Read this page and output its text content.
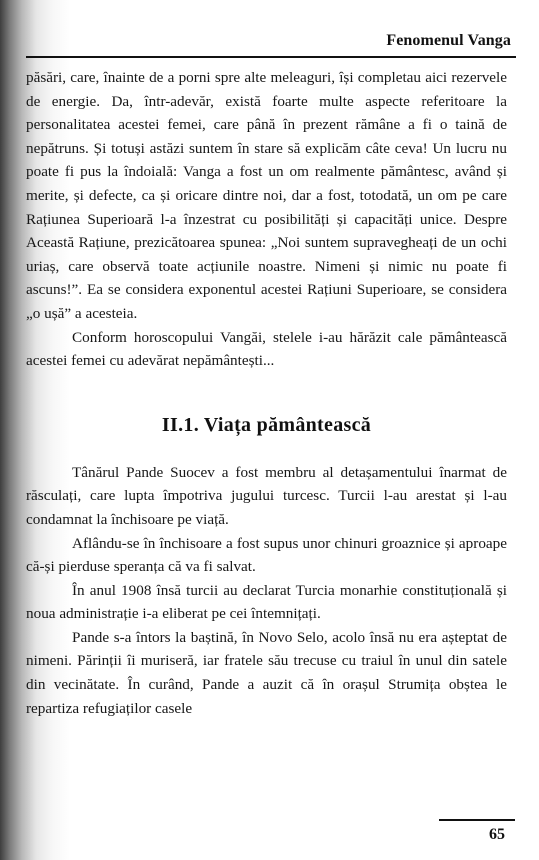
Fenomenul Vanga

păsări, care, înainte de a porni spre alte meleaguri, își completau aici rezervele de energie. Da, într-adevăr, există foarte multe aspecte referitoare la personalitatea acestei femei, care până în prezent rămâne a fi o taină de nepătruns. Și totuși astăzi suntem în stare să explicăm câte ceva! Un lucru nu poate fi pus la îndoială: Vanga a fost un om realmente pământesc, având și merite, și defecte, ca și oricare dintre noi, dar a fost, totodată, un om pe care Rațiunea Superioară l-a înzestrat cu posibilități și capacități unice. Despre Această Rațiune, prezicătoarea spunea: „Noi suntem supravegheați de un ochi uriaș, care observă toate acțiunile noastre. Nimeni și nimic nu poate fi ascuns!”. Ea se considera exponentul acestei Rațiuni Superioare, se considera „o ușă” a acesteia.

Conform horoscopului Vangăi, stelele i-au hărăzit cale pământească acestei femei cu adevărat nepământești...

II.1. Viața pământească

Tânărul Pande Suocev a fost membru al detașamentului înarmat de răsculați, care lupta împotriva jugului turcesc. Turcii l-au arestat și l-au condamnat la închisoare pe viață.

Aflându-se în închisoare a fost supus unor chinuri groaznice și aproape că-și pierduse speranța că va fi salvat.

În anul 1908 însă turcii au declarat Turcia monarhie constituțională și noua administrație i-a eliberat pe cei întemnițați.

Pande s-a întors la baștină, în Novo Selo, acolo însă nu era așteptat de nimeni. Părinții îi muriseră, iar fratele său trecuse cu traiul în unul din satele din vecinătate. În curând, Pande a auzit că în orașul Strumița obștea le repartiza refugiaților casele

65
